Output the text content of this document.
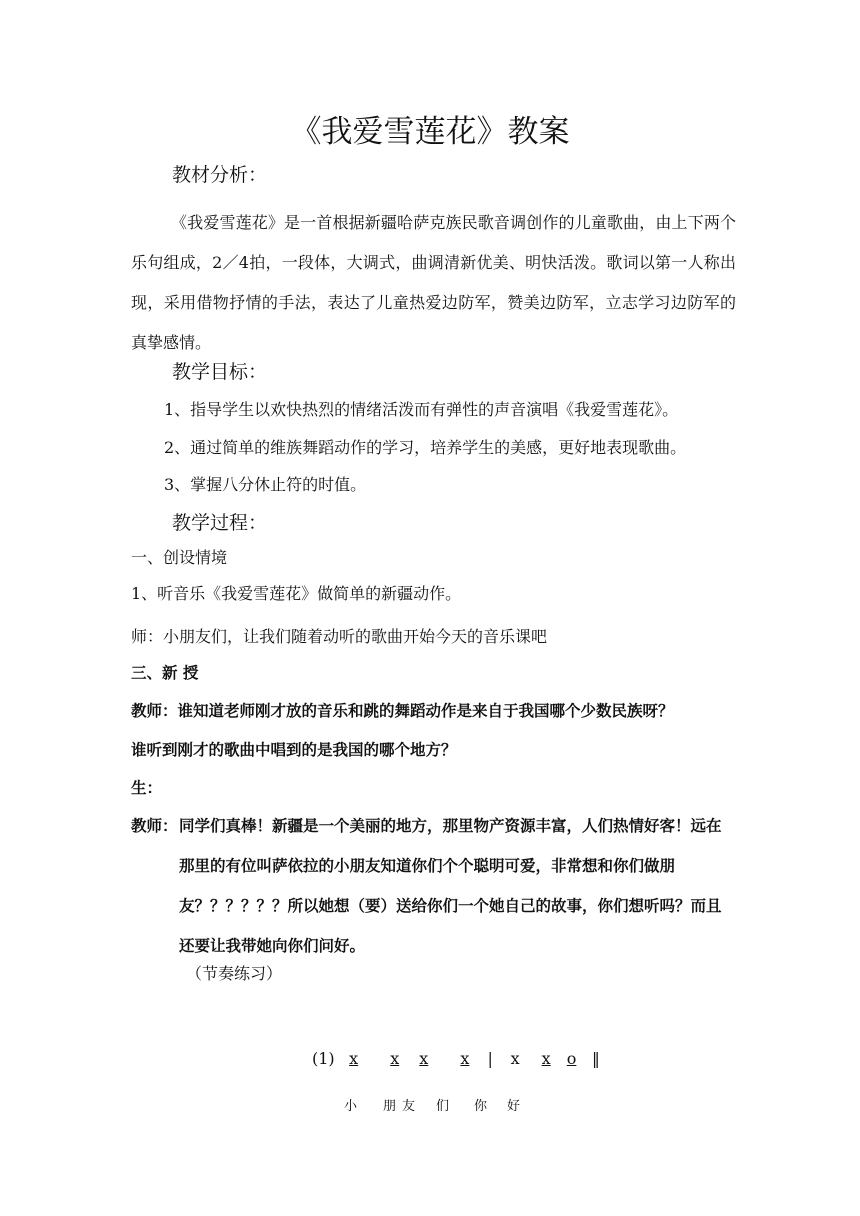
《我爱雪莲花》教案
教材分析：

《我爱雪莲花》是一首根据新疆哈萨克族民歌音调创作的儿童歌曲，由上下两个乐句组成，2／4拍，一段体，大调式，曲调清新优美、明快活泼。歌词以第一人称出现，采用借物抒情的手法，表达了儿童热爱边防军，赞美边防军，立志学习边防军的真挚感情。

教学目标：
1、指导学生以欢快热烈的情绪活泼而有弹性的声音演唱《我爱雪莲花》。
2、通过简单的维族舞蹈动作的学习，培养学生的美感，更好地表现歌曲。
3、掌握八分休止符的时值。
教学过程：
一、创设情境
1、听音乐《我爱雪莲花》做简单的新疆动作。
师：小朋友们，让我们随着动听的歌曲开始今天的音乐课吧
三、新 授
教师：谁知道老师刚才放的音乐和跳的舞蹈动作是来自于我国哪个少数民族呀？
谁听到刚才的歌曲中唱到的是我国的哪个地方？
生：
教师： 同学们真棒！新疆是一个美丽的地方，那里物产资源丰富，人们热情好客！远在那里的有位叫萨依拉的小朋友知道你们个个聪明可爱，非常想和你们做朋友？？？？？？所以她想（要）送给你们一个她自己的故事，你们想听吗？而且还要让我带她向你们问好。
（节奏练习）
(1) x x x x | x x o ‖
小 朋 友 们 你 好
